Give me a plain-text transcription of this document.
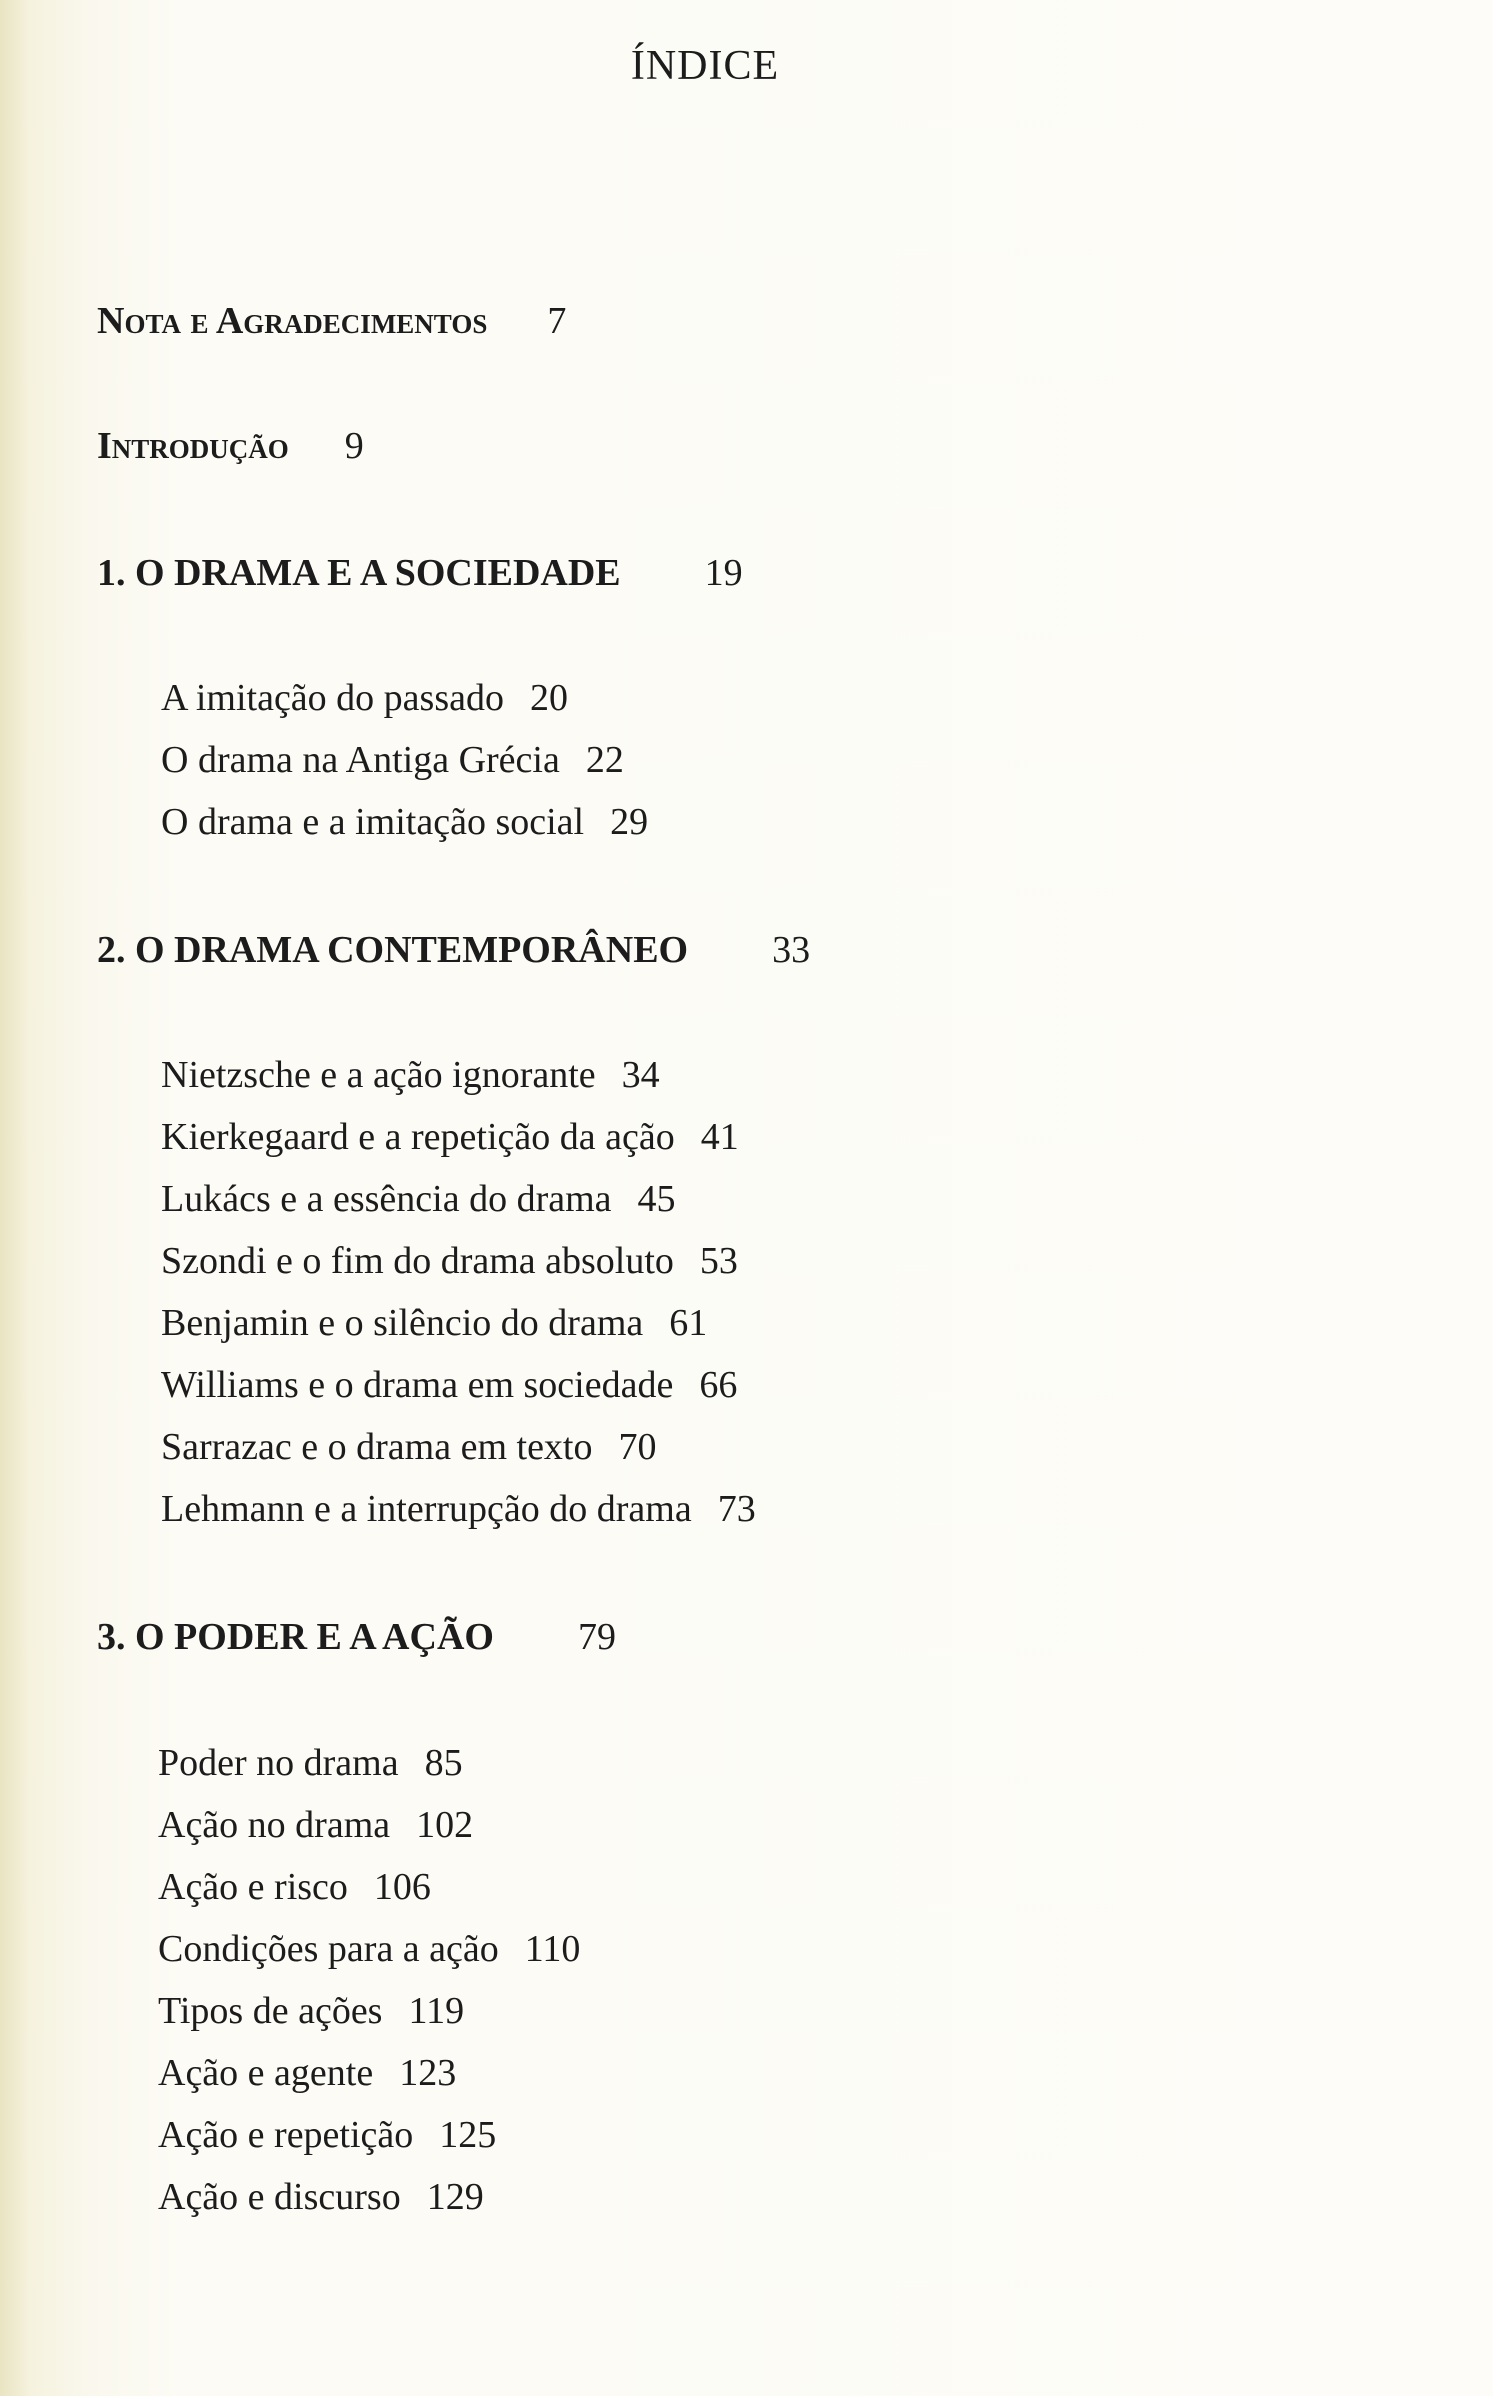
ÍNDICE
Nota e Agradecimentos 7
Introdução 9
1. O DRAMA E A SOCIEDADE 19
A imitação do passado 20
O drama na Antiga Grécia 22
O drama e a imitação social 29
2. O DRAMA CONTEMPORÂNEO 33
Nietzsche e a ação ignorante 34
Kierkegaard e a repetição da ação 41
Lukács e a essência do drama 45
Szondi e o fim do drama absoluto 53
Benjamin e o silêncio do drama 61
Williams e o drama em sociedade 66
Sarrazac e o drama em texto 70
Lehmann e a interrupção do drama 73
3. O PODER E A AÇÃO 79
Poder no drama 85
Ação no drama 102
Ação e risco 106
Condições para a ação 110
Tipos de ações 119
Ação e agente 123
Ação e repetição 125
Ação e discurso 129
